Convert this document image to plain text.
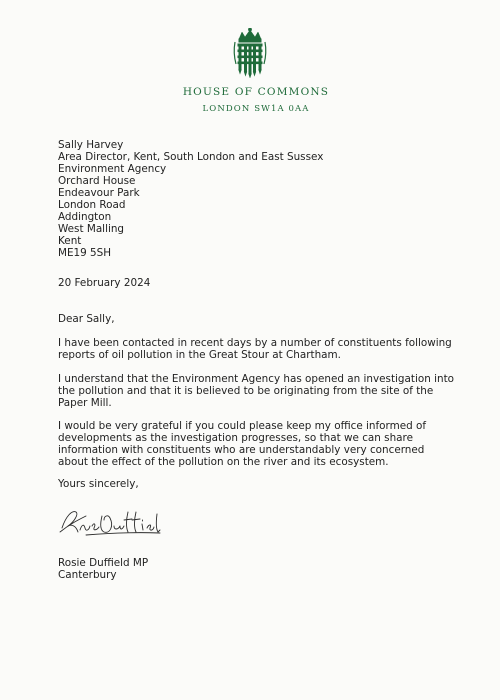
HOUSE OF COMMONS
LONDON SW1A 0AA
Sally Harvey
Area Director, Kent, South London and East Sussex
Environment Agency
Orchard House
Endeavour Park
London Road
Addington
West Malling
Kent
ME19 5SH
20 February 2024
Dear Sally,

I have been contacted in recent days by a number of constituents following
reports of oil pollution in the Great Stour at Chartham.

I understand that the Environment Agency has opened an investigation into
the pollution and that it is believed to be originating from the site of the
Paper Mill.

I would be very grateful if you could please keep my office informed of
developments as the investigation progresses, so that we can share
information with constituents who are understandably very concerned
about the effect of the pollution on the river and its ecosystem.

Yours sincerely,
Rosie Duffield MP
Canterbury
